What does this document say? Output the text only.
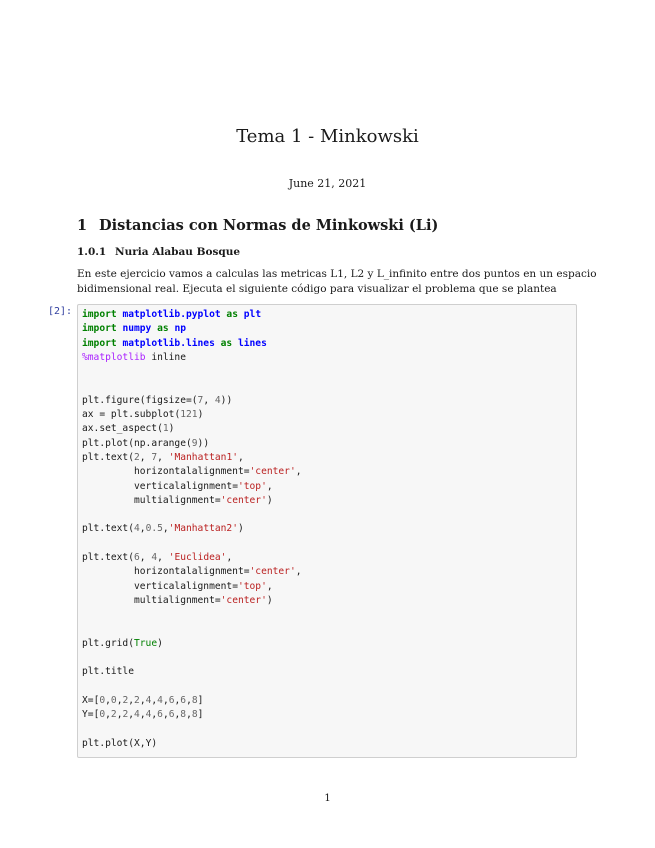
Tema 1 - Minkowski
June 21, 2021
1 Distancias con Normas de Minkowski (Li)
1.0.1 Nuria Alabau Bosque
En este ejercicio vamos a calculas las metricas L1, L2 y L_infinito entre dos puntos en un espacio
bidimensional real. Ejecuta el siguiente código para visualizar el problema que se plantea
[2]: import matplotlib.pyplot as plt
import numpy as np
import matplotlib.lines as lines
%matplotlib inline

plt.figure(figsize=(7, 4))
ax = plt.subplot(121)
ax.set_aspect(1)
plt.plot(np.arange(9))
plt.text(2, 7, 'Manhattan1',
horizontalalignment='center',
verticalalignment='top',
multialignment='center')

plt.text(4,0.5,'Manhattan2')

plt.text(6, 4, 'Euclidea',
horizontalalignment='center',
verticalalignment='top',
multialignment='center')

plt.grid(True)

plt.title

X=[0,0,2,2,4,4,6,6,8]
Y=[0,2,2,4,4,6,6,8,8]

plt.plot(X,Y)
1
